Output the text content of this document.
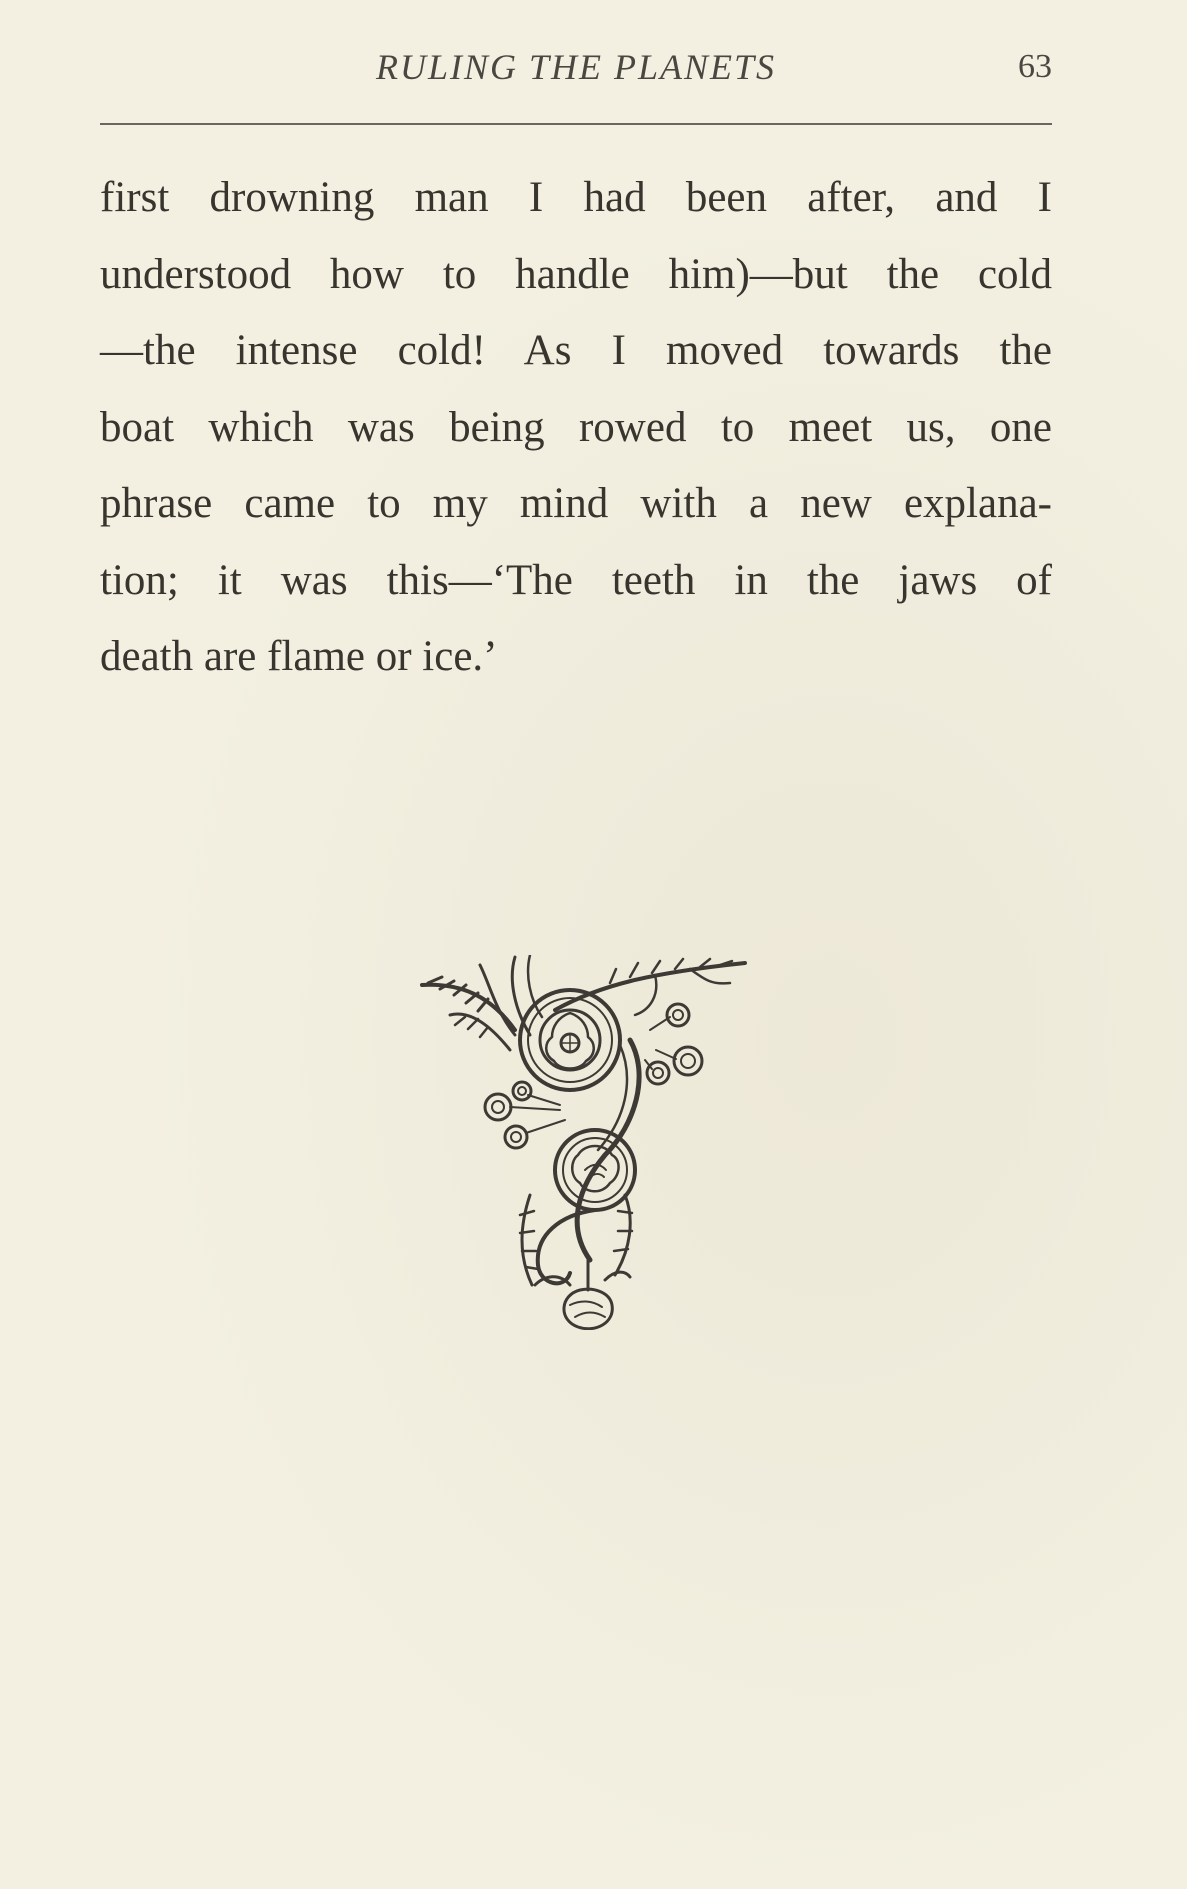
RULING THE PLANETS	63
first drowning man I had been after, and I
understood how to handle him)—but the cold
—the intense cold! As I moved towards the
boat which was being rowed to meet us, one
phrase came to my mind with a new explana-
tion; it was this—‘The teeth in the jaws of
death are flame or ice.’
